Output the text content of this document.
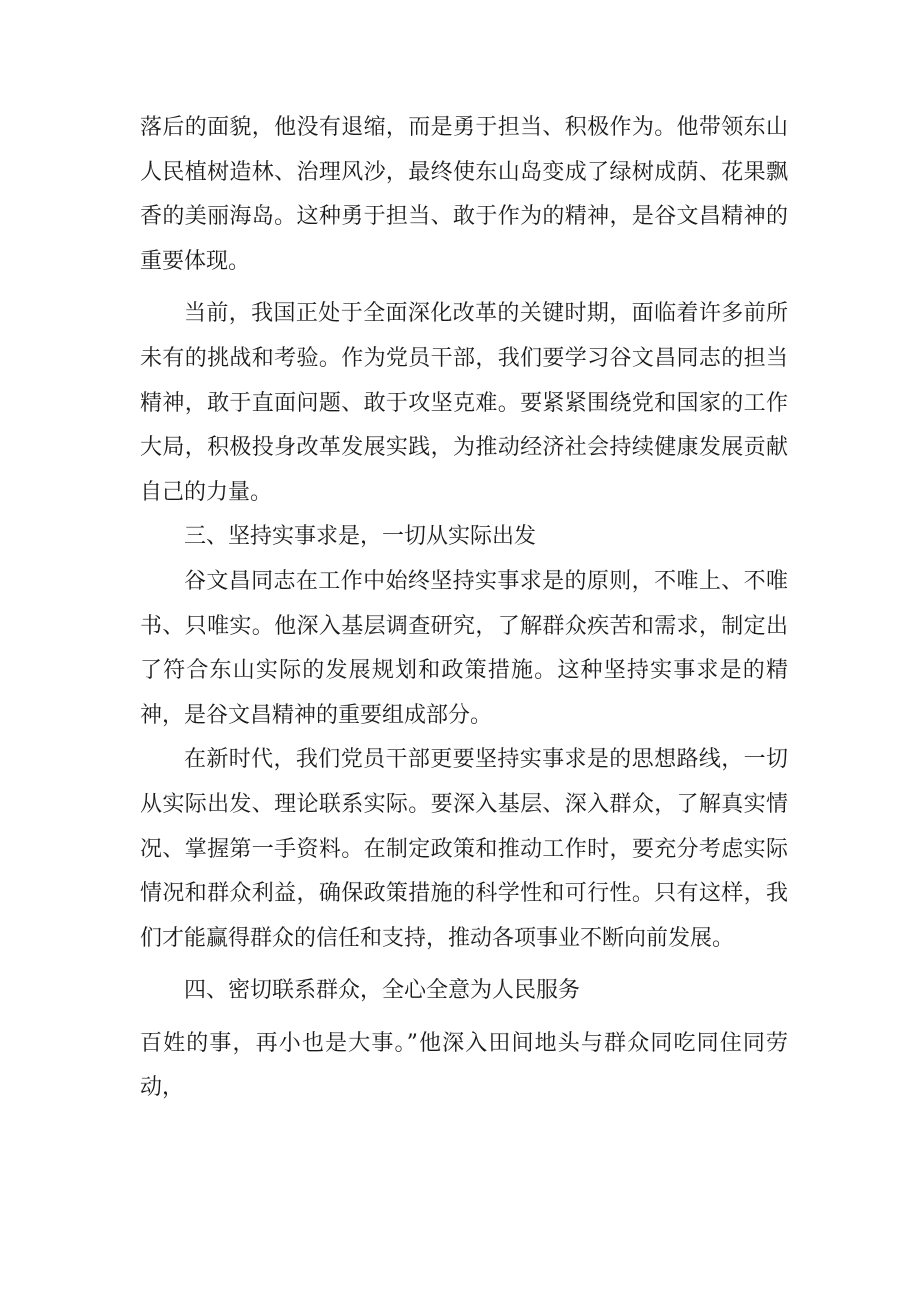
落后的面貌，他没有退缩，而是勇于担当、积极作为。他带领东山人民植树造林、治理风沙，最终使东山岛变成了绿树成荫、花果飘香的美丽海岛。这种勇于担当、敢于作为的精神，是谷文昌精神的重要体现。

当前，我国正处于全面深化改革的关键时期，面临着许多前所未有的挑战和考验。作为党员干部，我们要学习谷文昌同志的担当精神，敢于直面问题、敢于攻坚克难。要紧紧围绕党和国家的工作大局，积极投身改革发展实践，为推动经济社会持续健康发展贡献自己的力量。

三、坚持实事求是，一切从实际出发

谷文昌同志在工作中始终坚持实事求是的原则，不唯上、不唯书、只唯实。他深入基层调查研究，了解群众疾苦和需求，制定出了符合东山实际的发展规划和政策措施。这种坚持实事求是的精神，是谷文昌精神的重要组成部分。

在新时代，我们党员干部更要坚持实事求是的思想路线，一切从实际出发、理论联系实际。要深入基层、深入群众，了解真实情况、掌握第一手资料。在制定政策和推动工作时，要充分考虑实际情况和群众利益，确保政策措施的科学性和可行性。只有这样，我们才能赢得群众的信任和支持，推动各项事业不断向前发展。

四、密切联系群众，全心全意为人民服务

百姓的事，再小也是大事。”他深入田间地头与群众同吃同住同劳动，
